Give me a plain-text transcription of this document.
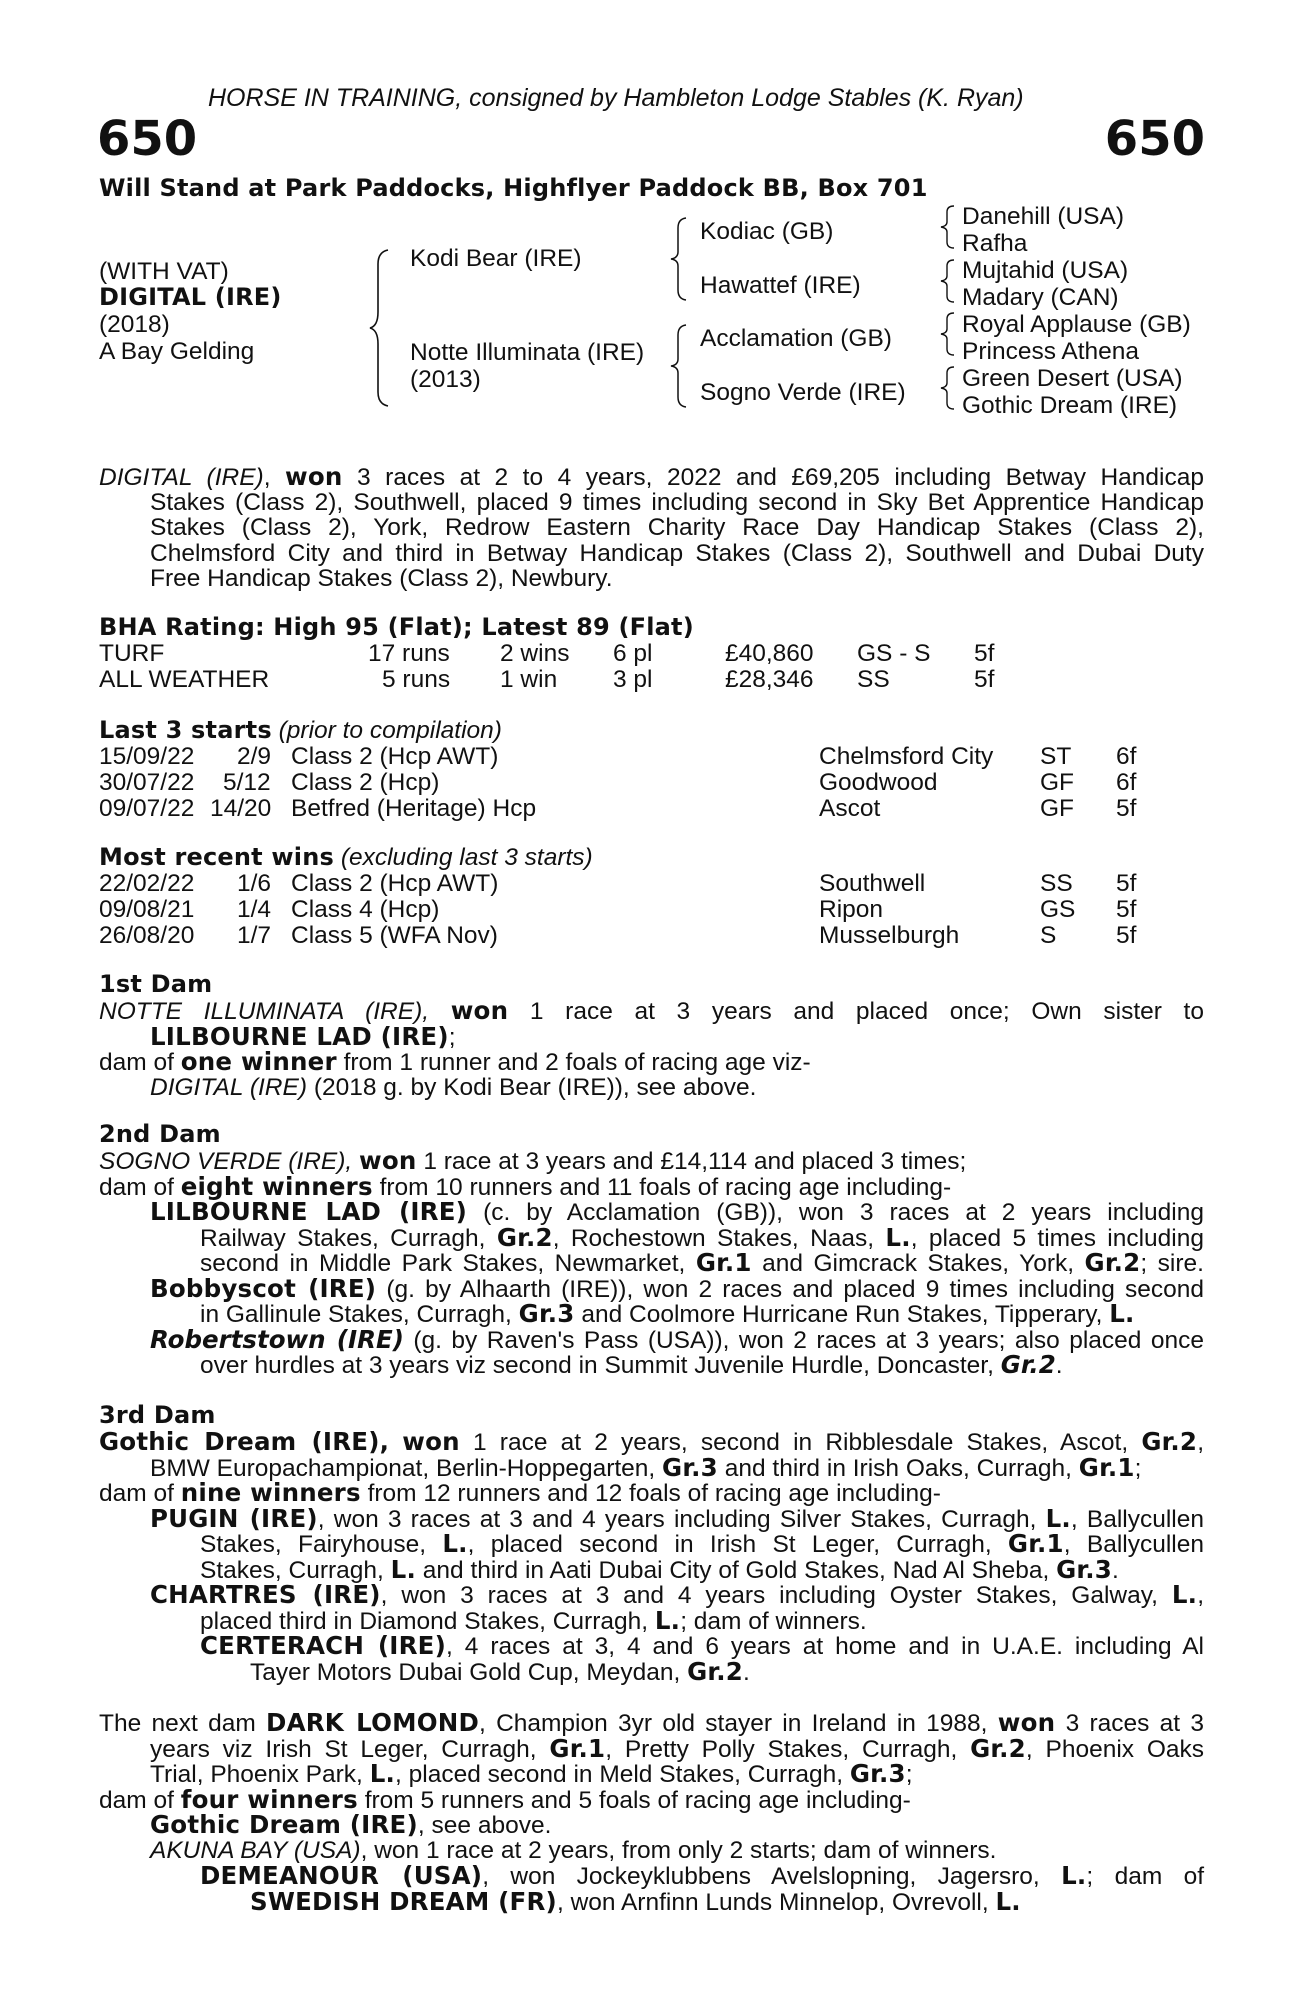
HORSE IN TRAINING, consigned by Hambleton Lodge Stables (K. Ryan)
650	650
Will Stand at Park Paddocks, Highflyer Paddock BB, Box 701
(WITH VAT)
DIGITAL (IRE)
(2018)
A Bay Gelding
Kodi Bear (IRE)
Notte Illuminata (IRE)
(2013)
Kodiac (GB)
Hawattef (IRE)
Acclamation (GB)
Sogno Verde (IRE)
Danehill (USA)
Rafha
Mujtahid (USA)
Madary (CAN)
Royal Applause (GB)
Princess Athena
Green Desert (USA)
Gothic Dream (IRE)
DIGITAL (IRE), won 3 races at 2 to 4 years, 2022 and £69,205 including Betway Handicap
Stakes (Class 2), Southwell, placed 9 times including second in Sky Bet Apprentice Handicap
Stakes (Class 2), York, Redrow Eastern Charity Race Day Handicap Stakes (Class 2),
Chelmsford City and third in Betway Handicap Stakes (Class 2), Southwell and Dubai Duty
Free Handicap Stakes (Class 2), Newbury.
BHA Rating: High 95 (Flat); Latest 89 (Flat)
TURF	17 runs 2 wins 6 pl	£40,860 GS - S 5f
ALL WEATHER	5 runs 1 win 3 pl	£28,346 SS	5f
Last 3 starts (prior to compilation)
15/09/22 2/9 Class 2 (Hcp AWT)	Chelmsford City ST 6f
30/07/22 5/12 Class 2 (Hcp)	Goodwood	GF 6f
09/07/22 14/20 Betfred (Heritage) Hcp	Ascot	GF 5f
Most recent wins (excluding last 3 starts)
22/02/22 1/6 Class 2 (Hcp AWT)	Southwell	SS 5f
09/08/21 1/4 Class 4 (Hcp)	Ripon	GS 5f
26/08/20 1/7 Class 5 (WFA Nov)	Musselburgh	S 5f
1st Dam
NOTTE ILLUMINATA (IRE), won 1 race at 3 years and placed once; Own sister to
LILBOURNE LAD (IRE);
dam of one winner from 1 runner and 2 foals of racing age viz-
DIGITAL (IRE) (2018 g. by Kodi Bear (IRE)), see above.
2nd Dam
SOGNO VERDE (IRE), won 1 race at 3 years and £14,114 and placed 3 times;
dam of eight winners from 10 runners and 11 foals of racing age including-
LILBOURNE LAD (IRE) (c. by Acclamation (GB)), won 3 races at 2 years including
Railway Stakes, Curragh, Gr.2, Rochestown Stakes, Naas, L., placed 5 times including
second in Middle Park Stakes, Newmarket, Gr.1 and Gimcrack Stakes, York, Gr.2; sire.
Bobbyscot (IRE) (g. by Alhaarth (IRE)), won 2 races and placed 9 times including second
in Gallinule Stakes, Curragh, Gr.3 and Coolmore Hurricane Run Stakes, Tipperary, L.
Robertstown (IRE) (g. by Raven's Pass (USA)), won 2 races at 3 years; also placed once
over hurdles at 3 years viz second in Summit Juvenile Hurdle, Doncaster, Gr.2.
3rd Dam
Gothic Dream (IRE), won 1 race at 2 years, second in Ribblesdale Stakes, Ascot, Gr.2,
BMW Europachampionat, Berlin-Hoppegarten, Gr.3 and third in Irish Oaks, Curragh, Gr.1;
dam of nine winners from 12 runners and 12 foals of racing age including-
PUGIN (IRE), won 3 races at 3 and 4 years including Silver Stakes, Curragh, L., Ballycullen
Stakes, Fairyhouse, L., placed second in Irish St Leger, Curragh, Gr.1, Ballycullen
Stakes, Curragh, L. and third in Aati Dubai City of Gold Stakes, Nad Al Sheba, Gr.3.
CHARTRES (IRE), won 3 races at 3 and 4 years including Oyster Stakes, Galway, L.,
placed third in Diamond Stakes, Curragh, L.; dam of winners.
CERTERACH (IRE), 4 races at 3, 4 and 6 years at home and in U.A.E. including Al
Tayer Motors Dubai Gold Cup, Meydan, Gr.2.
The next dam DARK LOMOND, Champion 3yr old stayer in Ireland in 1988, won 3 races at 3
years viz Irish St Leger, Curragh, Gr.1, Pretty Polly Stakes, Curragh, Gr.2, Phoenix Oaks
Trial, Phoenix Park, L., placed second in Meld Stakes, Curragh, Gr.3;
dam of four winners from 5 runners and 5 foals of racing age including-
Gothic Dream (IRE), see above.
AKUNA BAY (USA), won 1 race at 2 years, from only 2 starts; dam of winners.
DEMEANOUR (USA), won Jockeyklubbens Avelslopning, Jagersro, L.; dam of
SWEDISH DREAM (FR), won Arnfinn Lunds Minnelop, Ovrevoll, L.
